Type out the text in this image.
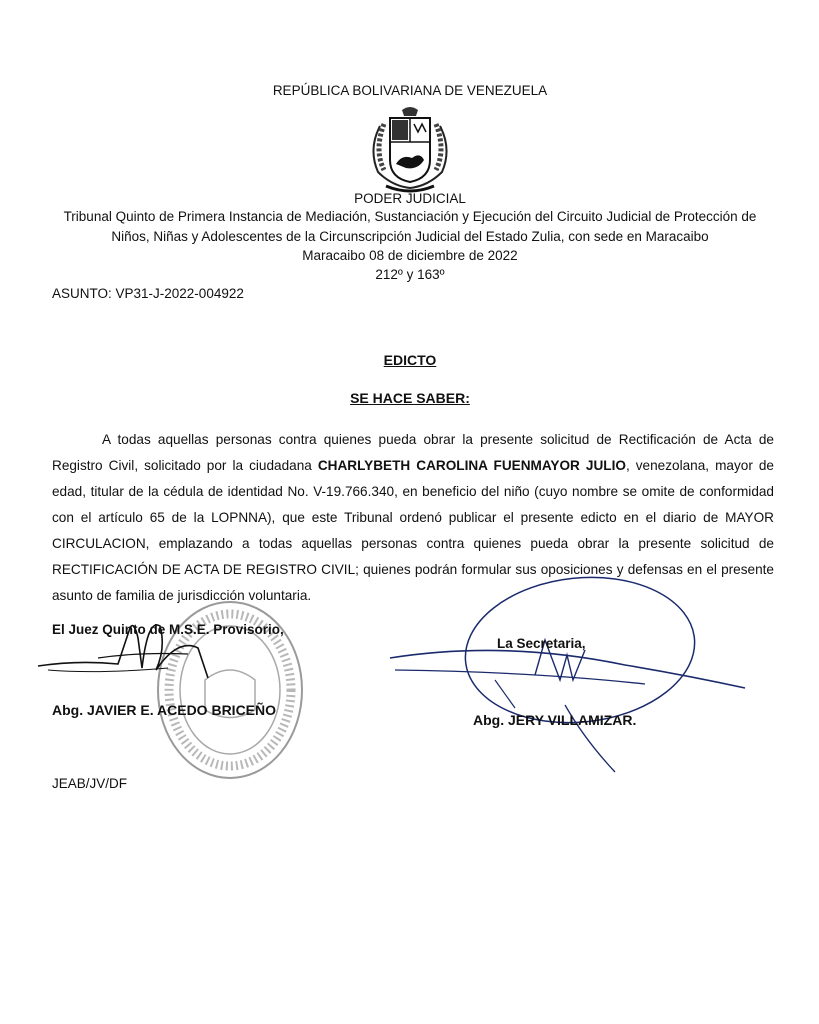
REPÚBLICA BOLIVARIANA DE VENEZUELA
PODER JUDICIAL
Tribunal Quinto de Primera Instancia de Mediación, Sustanciación y Ejecución del Circuito Judicial de Protección de
Niños, Niñas y Adolescentes de la Circunscripción Judicial del Estado Zulia, con sede en Maracaibo
Maracaibo 08 de diciembre de 2022
212º y 163º
ASUNTO: VP31-J-2022-004922
EDICTO
SE HACE SABER:

A todas aquellas personas contra quienes pueda obrar la presente solicitud de Rectificación de Acta de Registro Civil, solicitado por la ciudadana CHARLYBETH CAROLINA FUENMAYOR JULIO, venezolana, mayor de edad, titular de la cédula de identidad No. V-19.766.340, en beneficio del niño (cuyo nombre se omite de conformidad con el artículo 65 de la LOPNNA), que este Tribunal ordenó publicar el presente edicto en el diario de MAYOR CIRCULACION, emplazando a todas aquellas personas contra quienes pueda obrar la presente solicitud de RECTIFICACIÓN DE ACTA DE REGISTRO CIVIL; quienes podrán formular sus oposiciones y defensas en el presente asunto de familia de jurisdicción voluntaria.

El Juez Quinto de M.S.E. Provisorio,
Abg. JAVIER E. ACEDO BRICEÑO
La Secretaria,
Abg. JERY VILLAMIZAR.
JEAB/JV/DF
